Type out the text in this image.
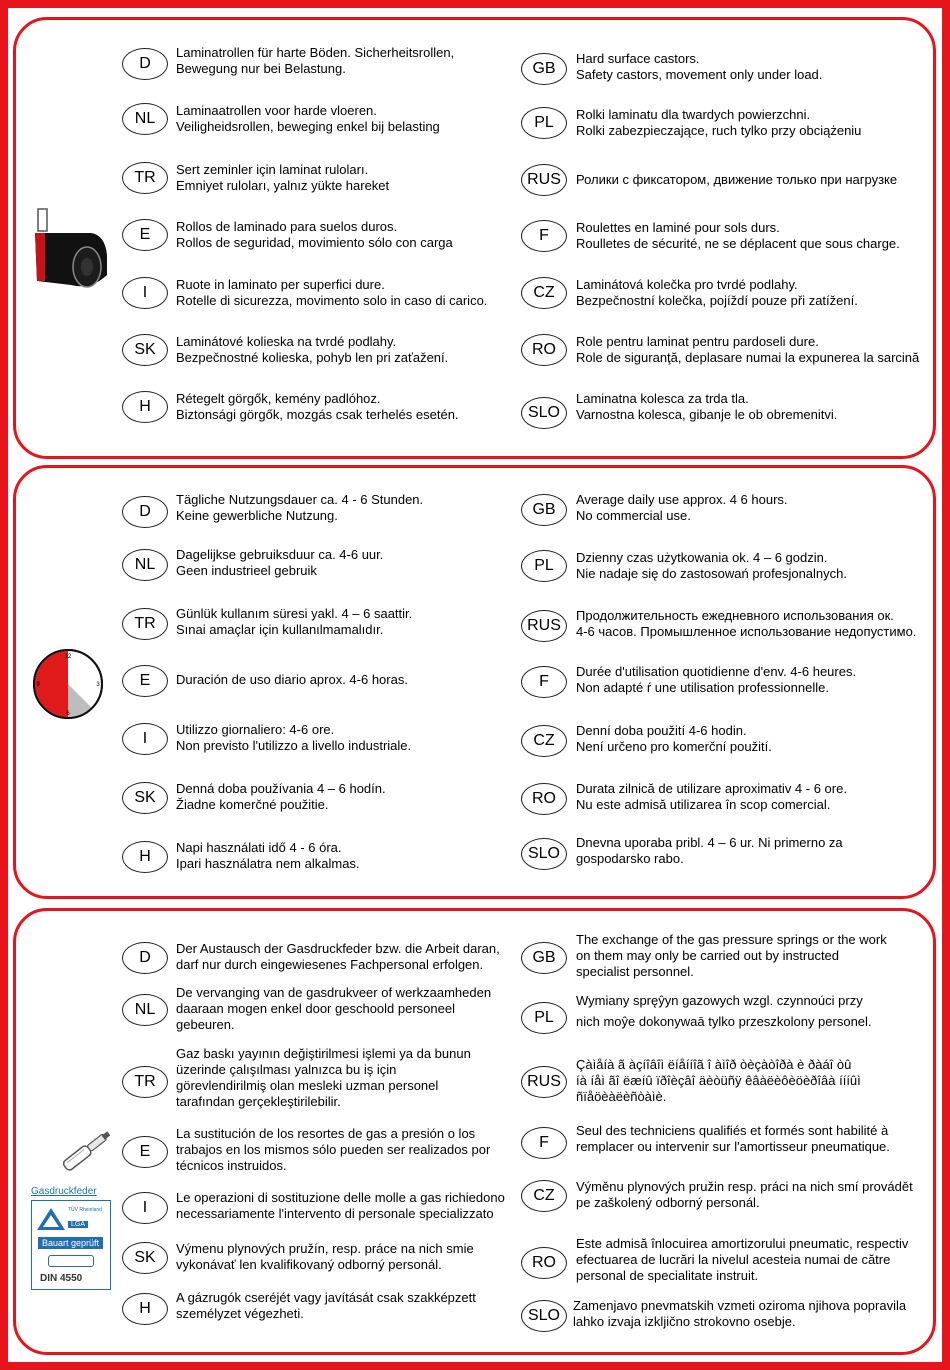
D
Laminatrollen für harte Böden. Sicherheitsrollen,
Bewegung nur bei Belastung.	GB
Hard surface castors.
Safety castors, movement only under load.
NL	Laminaatrollen voor harde vloeren.
Veiligheidsrollen, beweging enkel bij belasting	PL	Rolki laminatu dla twardych powierzchni.
Rolki zabezpieczające, ruch tylko przy obciążeniu
TR	Sert zeminler için laminat ruloları.
Emniyet ruloları, yalnız yükte hareket	RUS	Ролики с фиксатором, движение только при нагрузке
E	Rollos de laminado para suelos duros.
Rollos de seguridad, movimiento sólo con carga	F	Roulettes en laminé pour sols durs.
Roulletes de sécurité, ne se déplacent que sous charge.
I	Ruote in laminato per superfici dure.
Rotelle di sicurezza, movimento solo in caso di carico.	CZ	Laminátová kolečka pro tvrdé podlahy.
Bezpečnostní kolečka, pojíždí pouze při zatížení.
SK	Laminátové kolieska na tvrdé podlahy.
Bezpečnostné kolieska, pohyb len pri zaťažení.	RO	Role pentru laminat pentru pardoseli dure.
Role de siguranţă, deplasare numai la expunerea la sarcină
H	Rétegelt görgők, kemény padlóhoz.
Biztonsági görgők, mozgás csak terhelés esetén.	SLO
Laminatna kolesca za trda tla.
Varnostna kolesca, gibanje le ob obremenitvi.
D
Tägliche Nutzungsdauer ca. 4 - 6 Stunden.
Keine gewerbliche Nutzung.	GB
Average daily use approx. 4 6 hours.
No commercial use.
NL
Dagelijkse gebruiksduur ca. 4-6 uur.
Geen industrieel gebruik	PL	Dzienny czas użytkowania ok. 4 – 6 godzin.
Nie nadaje się do zastosowań profesjonalnych.
TR
Günlük kullanım süresi yakl. 4 – 6 saattir.
Sınai amaçlar için kullanılmamalıdır.	RUS
Продолжительность ежедневного использования ок.
4-6 часов. Промышленное использование недопустимо.
E	Duración de uso diario aprox. 4-6 horas.	F
Durée d'utilisation quotidienne d'env. 4-6 heures.
Non adapté ŕ une utilisation professionnelle.
I
Utilizzo giornaliero: 4-6 ore.
Non previsto l'utilizzo a livello industriale.	CZ
Denní doba použití 4-6 hodin.
Není určeno pro komerční použití.
SK
Denná doba používania 4 – 6 hodín.
Žiadne komerčné použitie.	RO
Durata zilnică de utilizare aproximativ 4 - 6 ore.
Nu este admisă utilizarea în scop comercial.
H
Napi használati idő 4 - 6 óra.
Ipari használatra nem alkalmas.
SLO
Dnevna uporaba pribl. 4 – 6 ur. Ni primerno za
gospodarsko rabo.
12
3
6
9
D
Der Austausch der Gasdruckfeder bzw. die Arbeit daran,
darf nur durch eingewiesenes Fachpersonal erfolgen.	GB
The exchange of the gas pressure springs or the work
on them may only be carried out by instructed
specialist personnel.
NL
De vervanging van de gasdrukveer of werkzaamheden
daaraan mogen enkel door geschoold personeel
gebeuren.	PL
Wymiany spręŷyn gazowych wzgl. czynnoúci przy
nich moŷe dokonywaā tylko przeszkolony personel.
TR
Gaz baskı yayının değiştirilmesi işlemi ya da bunun
üzerinde çalışılması yalnızca bu iş için
görevlendirilmiş olan mesleki uzman personel
tarafından gerçekleştirilebilir.
RUS
Çàìåíà ã àçíîâîì ëíåííîã î àìîð òèçàòîðà è ðàáî òû
íà íåì ãî ëæíû ïðîèçâî äèòüñÿ êâàëèôèöèðîâà íííûì
ñïåöèàëèñòàìè.
E
La sustitución de los resortes de gas a presión o los
trabajos en los mismos sólo pueden ser realizados por
técnicos instruidos.
F
Seul des techniciens qualifiés et formés sont habilité à
remplacer ou intervenir sur l'amortisseur pneumatique.
I
Le operazioni di sostituzione delle molle a gas richiedono
necessariamente l'intervento di personale specializzato
CZ
Výměnu plynových pružin resp. práci na nich smí provádět
pe zaškolený odborný personál.
SK
Výmenu plynových pružín, resp. práce na nich smie
vykonávať len kvalifikovaný odborný personál.	RO
Este admisă înlocuirea amortizorului pneumatic, respectiv
efectuarea de lucrări la nivelul acesteia numai de către
personal de specialitate instruit.
H
A gázrugók cseréjét vagy javítását csak szakképzett
személyzet végezheti.	SLO
Zamenjavo pnevmatskih vzmeti oziroma njihova popravila
lahko izvaja izkljično strokovno osebje.
Gasdruckfeder
TÜV Rheinland
LGA
Bauart geprüft
DIN 4550
